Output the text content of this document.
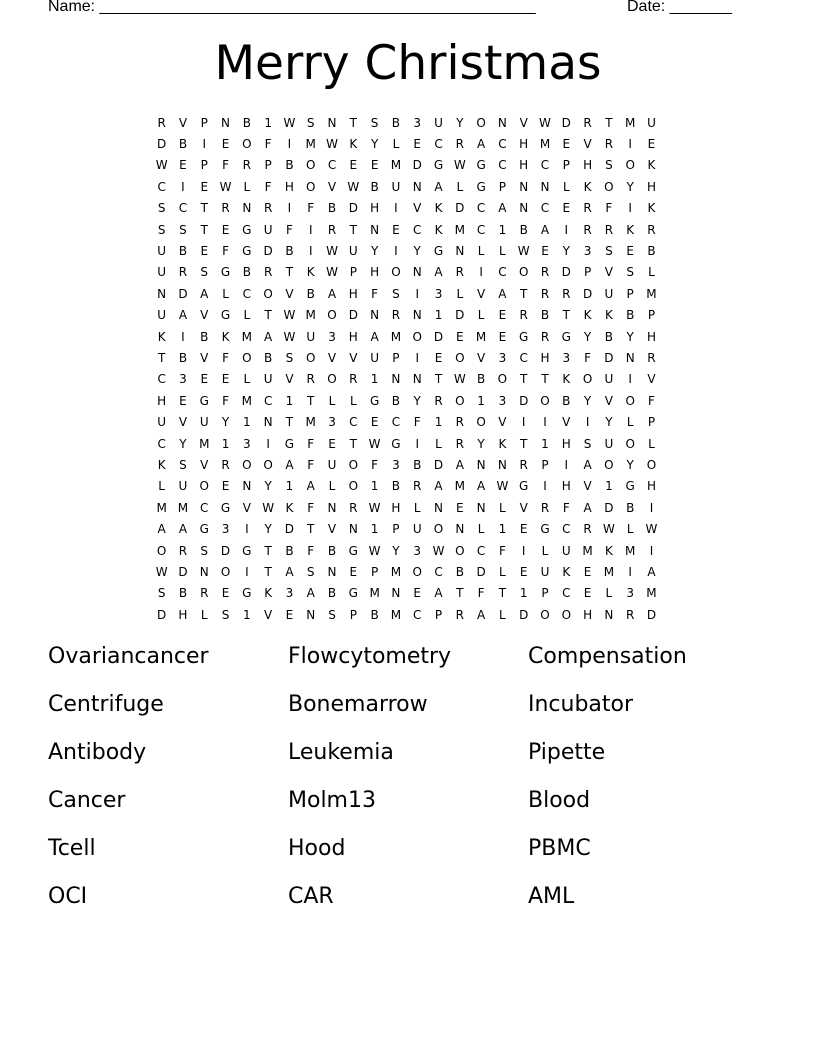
Name: _________________________________________________	Date: _______
Merry Christmas
R	V	P	N	B	1 W S	N	T	S	B	3	U	Y	O	N	V W D	R	T	M U
D	B	I	E	O	F	I	M W K	Y	L	E	C	R	A	C	H M	E	V	R	I	E
W E	P	F	R	P	B	O	C	E	E	M D	G W G	C	H	C	P	H	S	O	K
C	I	E W	L	F	H	O	V W B	U	N	A	L	G	P	N	N	L	K	O	Y	H
S	C	T	R	N	R	I	F	B	D	H	I	V	K	D	C	A	N	C	E	R	F	I	K
S	S	T	E	G	U	F	I	R	T	N	E	C	K	M C	1	B	A	I	R	R	K	R
U	B	E	F	G	D	B	I	W U	Y	I	Y	G	N	L	L	W E	Y	3	S	E	B
U	R	S	G	B	R	T	K W P	H	O	N	A	R	I	C	O	R	D	P	V	S	L
N	D	A	L	C	O	V	B	A	H	F	S	I	3	L	V	A	T	R	R	D	U	P	M
U	A	V	G	L	T W M O D	N	R	N	1	D	L	E	R	B	T	K	K	B	P
K	I	B	K	M	A W U	3	H	A	M O D	E	M	E	G	R	G	Y	B	Y	H
T	B	V	F	O	B	S	O	V	V	U	P	I	E	O	V	3	C	H	3	F	D	N	R
C	3	E	E	L	U	V	R	O	R	1	N	N	T W B	O	T	T	K	O	U	I	V
H	E	G	F	M C	1	T	L	L	G	B	Y	R	O	1	3	D O	B	Y	V	O	F
U	V	U	Y	1	N	T	M	3	C	E	C	F	1	R	O	V	I	I	V	I	Y	L	P
C	Y	M	1	3	I	G	F	E	T W G	I	L	R	Y	K	T	1	H	S	U	O	L
K	S	V	R	O O	A	F	U	O	F	3	B	D	A	N	N	R	P	I	A	O	Y	O
L	U	O	E	N	Y	1	A	L	O	1	B	R	A	M	A W G	I	H	V	1	G	H
M M C	G	V W K	F	N	R W H	L	N	E	N	L	V	R	F	A	D	B	I
A	A	G	3	I	Y	D	T	V	N	1	P	U	O	N	L	1	E	G	C	R W	L	W
O	R	S	D	G	T	B	F	B	G W Y	3 W O	C	F	I	L	U M	K	M	I
W D	N	O	I	T	A	S	N	E	P	M O	C	B	D	L	E	U	K	E	M	I	A
S	B	R	E	G	K	3	A	B	G M N	E	A	T	F	T	1	P	C	E	L	3	M
D	H	L	S	1	V	E	N	S	P	B	M C	P	R	A	L	D O O	H	N	R	D
Ovariancancer	Flowcytometry	Compensation
Centrifuge	Bonemarrow	Incubator
Antibody	Leukemia	Pipette
Cancer	Molm13	Blood
Tcell	Hood	PBMC
OCI	CAR	AML
